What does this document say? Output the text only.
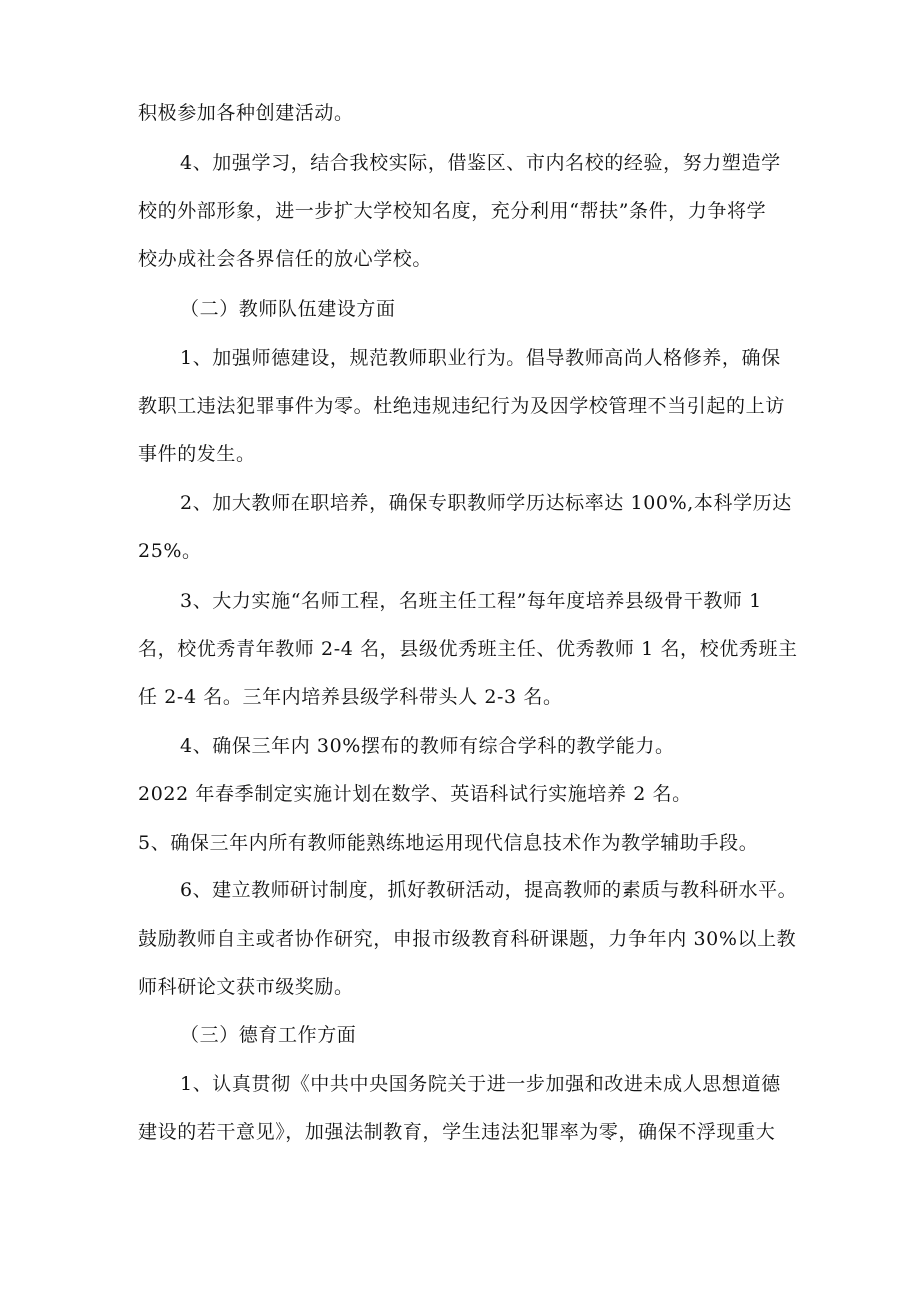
积极参加各种创建活动。
4、加强学习，结合我校实际，借鉴区、市内名校的经验，努力塑造学
校的外部形象，进一步扩大学校知名度，充分利用“帮扶”条件，力争将学
校办成社会各界信任的放心学校。
（二）教师队伍建设方面
1、加强师德建设，规范教师职业行为。倡导教师高尚人格修养，确保
教职工违法犯罪事件为零。杜绝违规违纪行为及因学校管理不当引起的上访
事件的发生。
2、加大教师在职培养，确保专职教师学历达标率达 100%,本科学历达
25%。
3、大力实施“名师工程，名班主任工程”每年度培养县级骨干教师 1
名，校优秀青年教师 2-4 名，县级优秀班主任、优秀教师 1 名，校优秀班主
任 2-4 名。三年内培养县级学科带头人 2-3 名。
4、确保三年内 30%摆布的教师有综合学科的教学能力。
2022 年春季制定实施计划在数学、英语科试行实施培养 2 名。
5、确保三年内所有教师能熟练地运用现代信息技术作为教学辅助手段。
6、建立教师研讨制度，抓好教研活动，提高教师的素质与教科研水平。
鼓励教师自主或者协作研究，申报市级教育科研课题，力争年内 30%以上教
师科研论文获市级奖励。
（三）德育工作方面
1、认真贯彻《中共中央国务院关于进一步加强和改进未成人思想道德
建设的若干意见》，加强法制教育，学生违法犯罪率为零，确保不浮现重大
